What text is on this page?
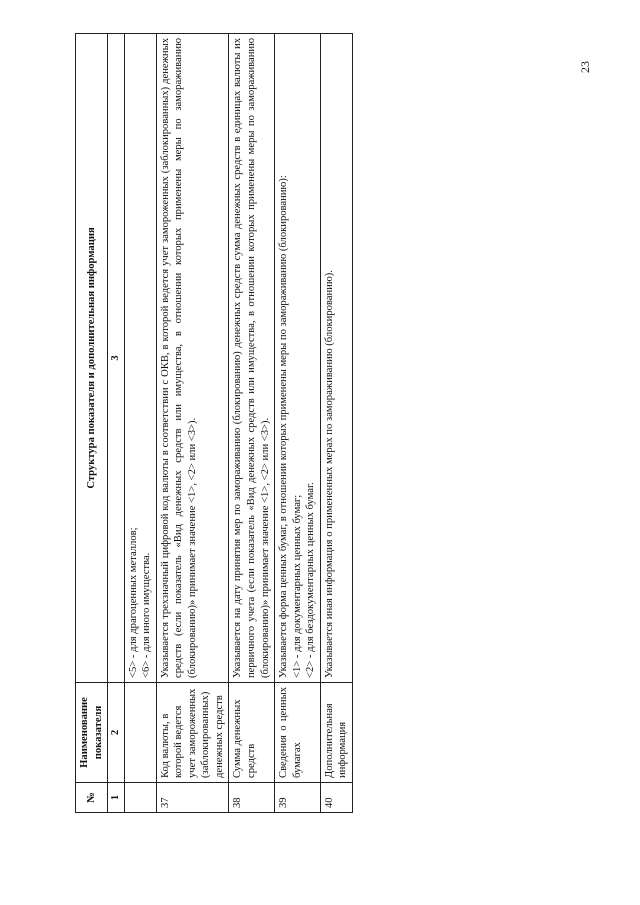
23
№	Наименование показателя	Структура показателя и дополнительная информация
1	2	3

		<5> - для драгоценных металлов; <6> - для иного имущества.

37	Код валюты, в которой ведется учет замороженных (заблокированных) денежных средств	Указывается трехзначный цифровой код валюты в соответствии с ОКВ, в которой ведется учет замороженных (заблокированных) денежных средств (если показатель «Вид денежных средств или имущества, в отношении которых применены меры по замораживанию (блокированию)» принимает значение <1>, <2> или <3>).
38	Сумма денежных средств	Указывается на дату принятия мер по замораживанию (блокированию) денежных средств сумма денежных средств в единицах валюты их первичного учета (если показатель «Вид денежных средств или имущества, в отношении которых применены меры по замораживанию (блокированию)» принимает значение <1>, <2> или <3>).
39	Сведения о ценных бумагах	Указывается форма ценных бумаг, в отношении которых применены меры по замораживанию (блокированию): <1> - для документарных ценных бумаг; <2> - для бездокументарных ценных бумаг.

40	Дополнительная информация	Указывается иная информация о примененных мерах по замораживанию (блокированию).
